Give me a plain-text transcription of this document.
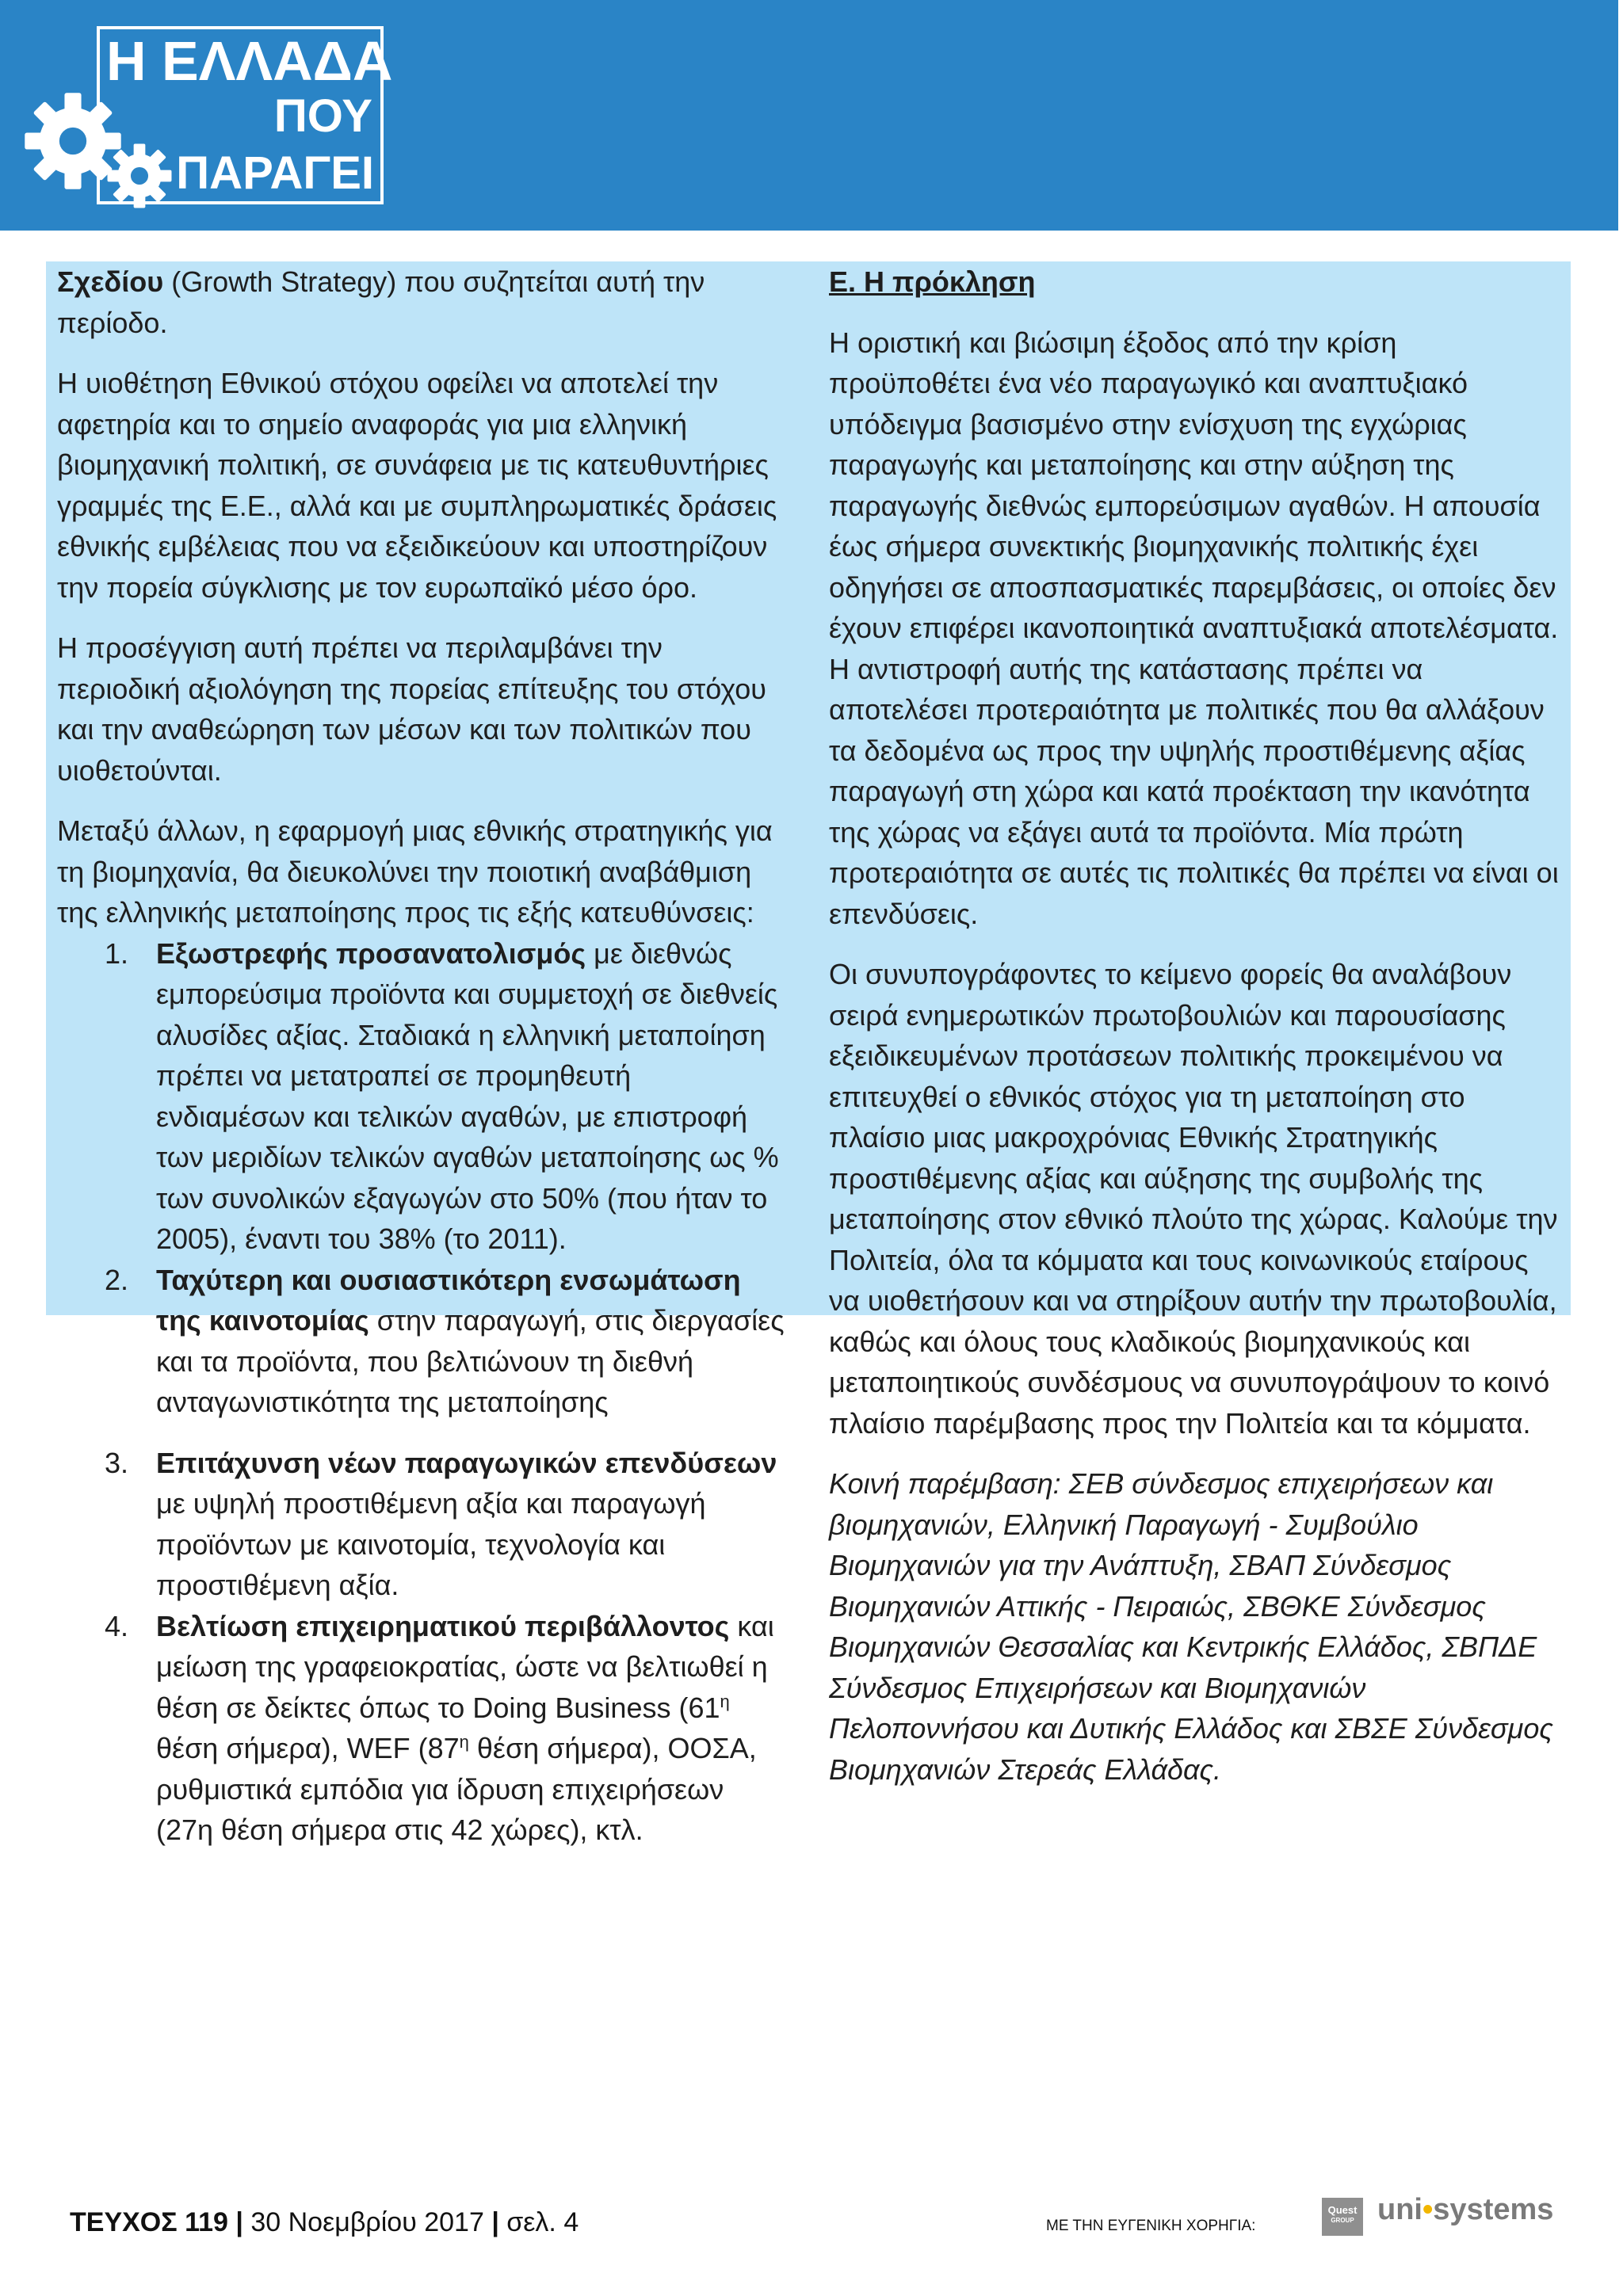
Η ΕΛΛΑΔΑ
ΠΟΥ
ΠΑΡΑΓΕΙ

Σχεδίου (Growth Strategy) που συζητείται αυτή την περίοδο.

Η υιοθέτηση Εθνικού στόχου οφείλει να αποτελεί την αφετηρία και το σημείο αναφοράς για μια ελληνική βιομηχανική πολιτική, σε συνάφεια με τις κατευθυντήριες γραμμές της Ε.Ε., αλλά και με συμπληρωματικές δράσεις εθνικής εμβέλειας που να εξειδικεύουν και υποστηρίζουν την πορεία σύγκλισης με τον ευρωπαϊκό μέσο όρο.

Η προσέγγιση αυτή πρέπει να περιλαμβάνει την περιοδική αξιολόγηση της πορείας επίτευξης του στόχου και την αναθεώρηση των μέσων και των πολιτικών που υιοθετούνται.

Μεταξύ άλλων, η εφαρμογή μιας εθνικής στρατηγικής για τη βιομηχανία, θα διευκολύνει την ποιοτική αναβάθμιση της ελληνικής μεταποίησης προς τις εξής κατευθύνσεις:

1. Εξωστρεφής προσανατολισμός με διεθνώς εμπορεύσιμα προϊόντα και συμμετοχή σε διεθνείς αλυσίδες αξίας. Σταδιακά η ελληνική μεταποίηση πρέπει να μετατραπεί σε προμηθευτή ενδιαμέσων και τελικών αγαθών, με επιστροφή των μεριδίων τελικών αγαθών μεταποίησης ως % των συνολικών εξαγωγών στο 50% (που ήταν το 2005), έναντι του 38% (το 2011).
2. Ταχύτερη και ουσιαστικότερη ενσωμάτωση της καινοτομίας στην παραγωγή, στις διεργασίες και τα προϊόντα, που βελτιώνουν τη διεθνή ανταγωνιστικότητα της μεταποίησης
3. Επιτάχυνση νέων παραγωγικών επενδύσεων με υψηλή προστιθέμενη αξία και παραγωγή προϊόντων με καινοτομία, τεχνολογία και προστιθέμενη αξία.
4. Βελτίωση επιχειρηματικού περιβάλλοντος και μείωση της γραφειοκρατίας, ώστε να βελτιωθεί η θέση σε δείκτες όπως το Doing Business ($61^\eta$ θέση σήμερα), WEF ($87^\eta$ θέση σήμερα), ΟΟΣΑ, ρυθμιστικά εμπόδια για ίδρυση επιχειρήσεων (27η θέση σήμερα στις 42 χώρες), κτλ.
Ε. Η πρόκληση

Η οριστική και βιώσιμη έξοδος από την κρίση προϋποθέτει ένα νέο παραγωγικό και αναπτυξιακό υπόδειγμα βασισμένο στην ενίσχυση της εγχώριας παραγωγής και μεταποίησης και στην αύξηση της παραγωγής διεθνώς εμπορεύσιμων αγαθών. Η απουσία έως σήμερα συνεκτικής βιομηχανικής πολιτικής έχει οδηγήσει σε αποσπασματικές παρεμβάσεις, οι οποίες δεν έχουν επιφέρει ικανοποιητικά αναπτυξιακά αποτελέσματα. Η αντιστροφή αυτής της κατάστασης πρέπει να αποτελέσει προτεραιότητα με πολιτικές που θα αλλάξουν τα δεδομένα ως προς την υψηλής προστιθέμενης αξίας παραγωγή στη χώρα και κατά προέκταση την ικανότητα της χώρας να εξάγει αυτά τα προϊόντα. Μία πρώτη προτεραιότητα σε αυτές τις πολιτικές θα πρέπει να είναι οι επενδύσεις.

Οι συνυπογράφοντες το κείμενο φορείς θα αναλάβουν σειρά ενημερωτικών πρωτοβουλιών και παρουσίασης εξειδικευμένων προτάσεων πολιτικής προκειμένου να επιτευχθεί ο εθνικός στόχος για τη μεταποίηση στο πλαίσιο μιας μακροχρόνιας Εθνικής Στρατηγικής προστιθέμενης αξίας και αύξησης της συμβολής της μεταποίησης στον εθνικό πλούτο της χώρας. Καλούμε την Πολιτεία, όλα τα κόμματα και τους κοινωνικούς εταίρους να υιοθετήσουν και να στηρίξουν αυτήν την πρωτοβουλία, καθώς και όλους τους κλαδικούς βιομηχανικούς και μεταποιητικούς συνδέσμους να συνυπογράψουν το κοινό πλαίσιο παρέμβασης προς την Πολιτεία και τα κόμματα.

Κοινή παρέμβαση: ΣΕΒ σύνδεσμος επιχειρήσεων και βιομηχανιών, Ελληνική Παραγωγή - Συμβούλιο Βιομηχανιών για την Ανάπτυξη, ΣΒΑΠ Σύνδεσμος Βιομηχανιών Αττικής - Πειραιώς, ΣΒΘΚΕ Σύνδεσμος Βιομηχανιών Θεσσαλίας και Κεντρικής Ελλάδος, ΣΒΠΔΕ Σύνδεσμος Επιχειρήσεων και Βιομηχανιών Πελοποννήσου και Δυτικής Ελλάδος και ΣΒΣΕ Σύνδεσμος Βιομηχανιών Στερεάς Ελλάδας.

ΤΕΥΧΟΣ 119 | 30 Νοεμβρίου 2017 | σελ. 4	ΜΕ ΤΗΝ ΕΥΓΕΝΙΚΗ ΧΟΡΗΓΙΑ:
Quest
GROUP uni•systems
